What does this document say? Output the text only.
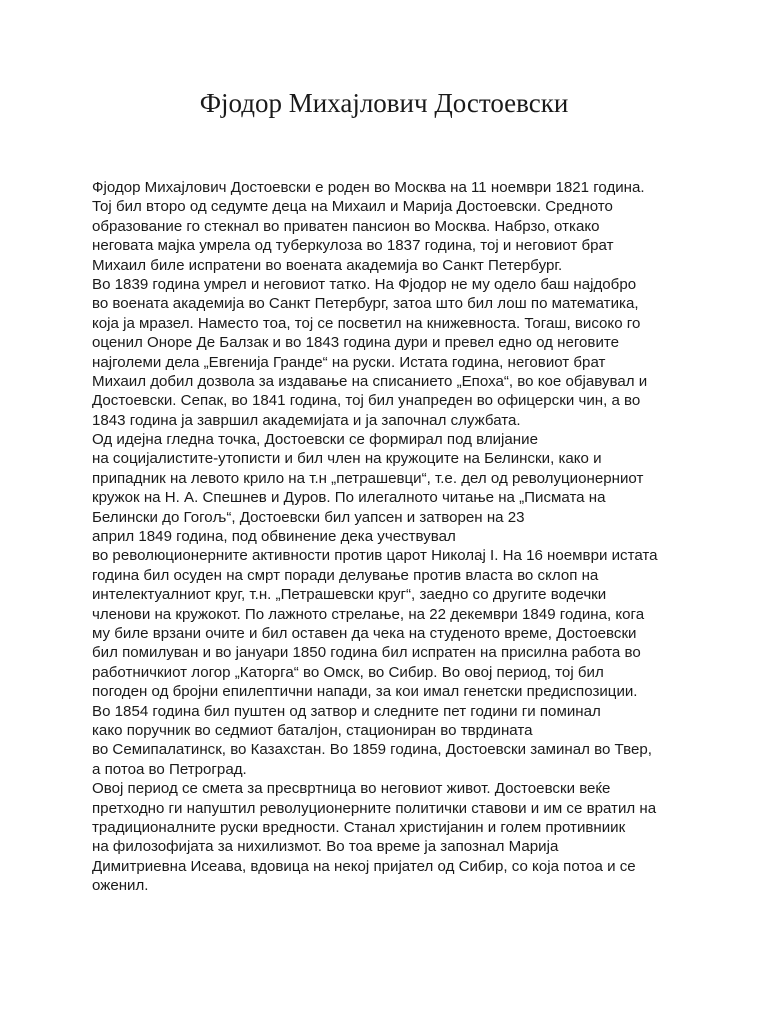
Фјодор Михајлович Достоевски
Фјодор Михајлович Достоевски е роден во Москва на 11 ноември 1821 година.
Тој бил второ од седумте деца на Михаил и Марија Достоевски. Средното
образование го стекнал во приватен пансион во Москва. Набрзо, откако
неговата мајка умрела од туберкулоза во 1837 година, тој и неговиот брат
Михаил биле испратени во воената академија во Санкт Петербург.
Во 1839 година умрел и неговиот татко. На Фјодор не му одело баш најдобро
во воената академија во Санкт Петербург, затоа што бил лош по математика,
која ја мразел. Наместо тоа, тој се посветил на книжевноста. Тогаш, високо го
оценил Оноре Де Балзак и во 1843 година дури и превел едно од неговите
најголеми дела „Евгенија Гранде“ на руски. Истата година, неговиот брат
Михаил добил дозвола за издавање на списанието „Епоха“, во кое објавувал и
Достоевски. Сепак, во 1841 година, тој бил унапреден во офицерски чин, а во
1843 година ја завршил академијата и ја започнал службата.
Од идејна гледна точка, Достоевски се формирал под влијание
на социјалистите-утописти и бил член на кружоците на Белински, како и
припадник на левото крило на т.н „петрашевци“, т.е. дел од револуционерниот
кружок на Н. А. Спешнев и Дуров. По илегалното читање на „Писмата на
Белински до Гогољ“, Достоевски бил уапсен и затворен на 23
април 1849 година, под обвинение дека учествувал
во революционерните активности против царот Николај I. На 16 ноември истата
година бил осуден на смрт поради делување против власта во склоп на
интелектуалниот круг, т.н. „Петрашевски круг“, заедно со другите водечки
членови на кружокот. По лажното стрелање, на 22 декември 1849 година, кога
му биле врзани очите и бил оставен да чека на студеното време, Достоевски
бил помилуван и во јануари 1850 година бил испратен на присилна работа во
работничкиот логор „Каторга“ во Омск, во Сибир. Во овој период, тој бил
погоден од бројни епилептични напади, за кои имал генетски предиспозиции.
Во 1854 година бил пуштен од затвор и следните пет години ги поминал
како поручник во седмиот баталјон, стациониран во тврдината
во Семипалатинск, во Казахстан. Во 1859 година, Достоевски заминал во Твер,
а потоа во Петроград.
Овој период се смета за пресвртница во неговиот живот. Достоевски веќе
претходно ги напуштил револуционерните политички ставови и им се вратил на
традиционалните руски вредности. Станал христијанин и голем противниик
на филозофијата за нихилизмот. Во тоа време ја запознал Марија
Димитриевна Исеава, вдовица на некој пријател од Сибир, со која потоа и се
оженил.
